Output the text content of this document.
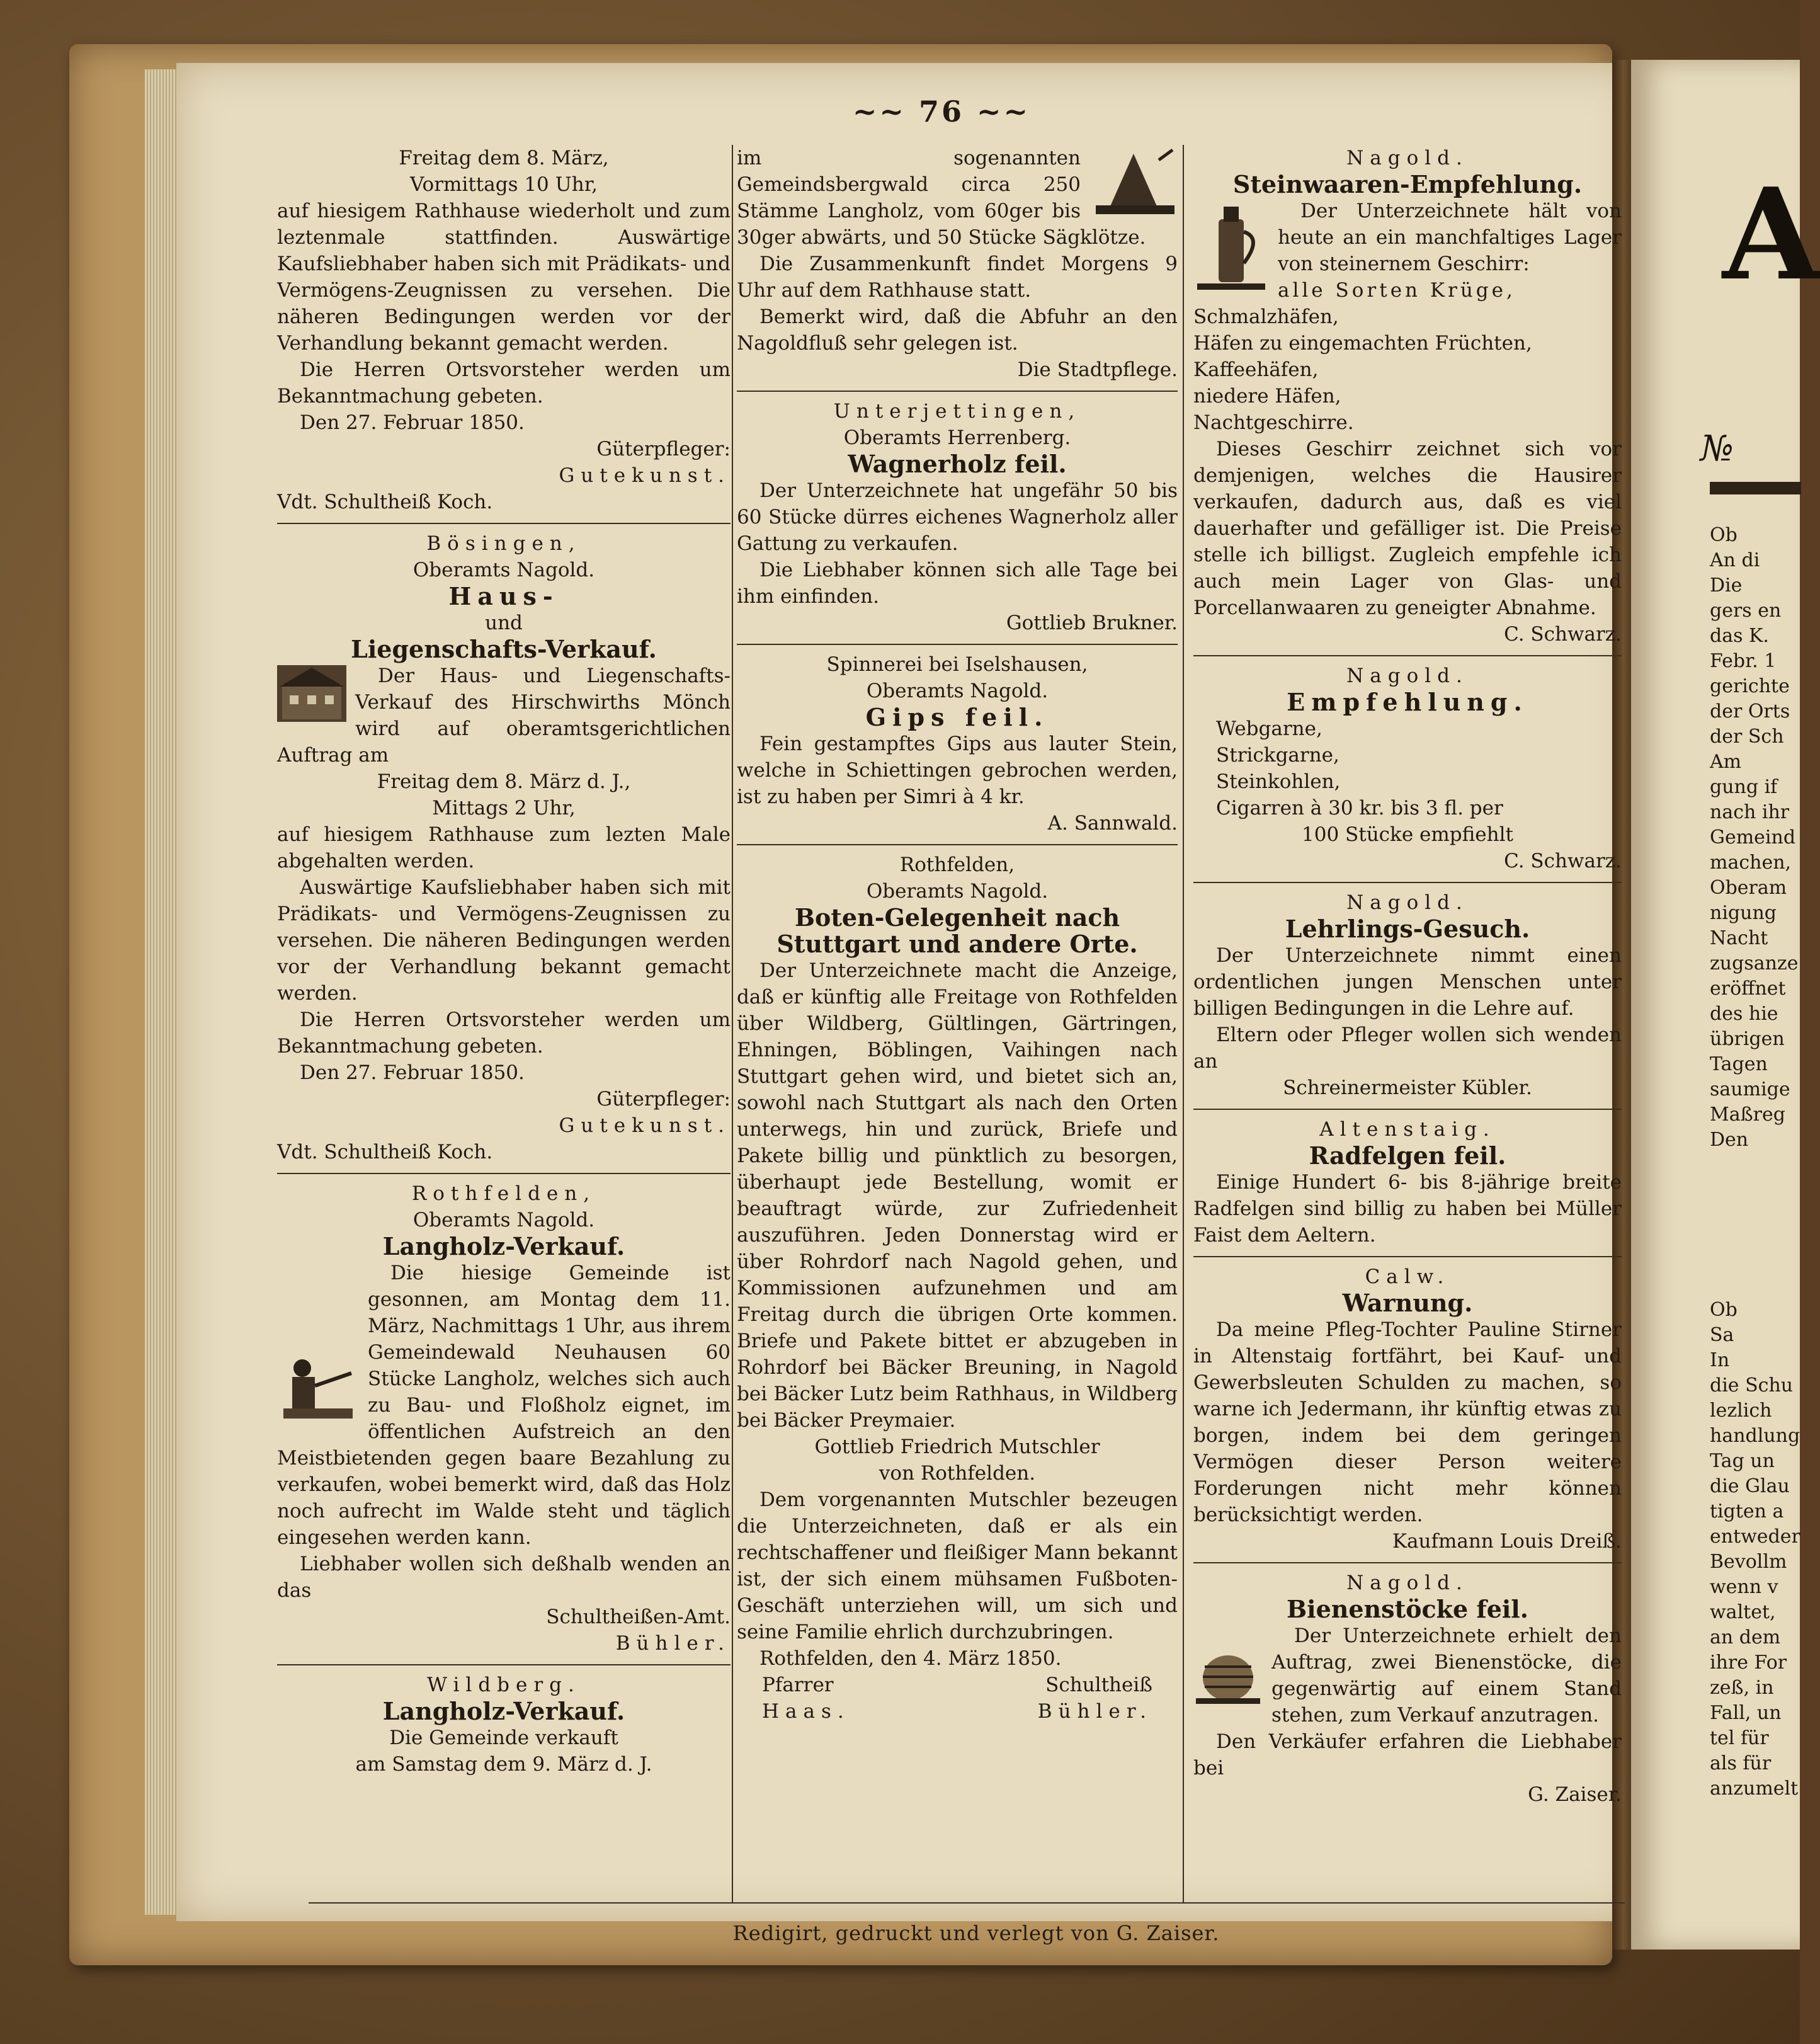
~~ 76 ~~
Freitag dem 8. März,
Vormittags 10 Uhr,
auf hiesigem Rathhause wiederholt und zum leztenmale stattfinden. Auswärtige Kaufsliebhaber haben sich mit Prädikats- und Vermögens-Zeugnissen zu versehen. Die näheren Bedingungen werden vor der Verhandlung bekannt gemacht werden.
Die Herren Ortsvorsteher werden um Bekanntmachung gebeten.
Den 27. Februar 1850.
Güterpfleger:
Gutekunst.
Vdt. Schultheiß Koch.
Bösingen,
Oberamts Nagold.
Haus-
und
Liegenschafts-Verkauf.
Der Haus- und Liegenschafts-Verkauf des Hirschwirths Mönch wird auf oberamtsgerichtlichen Auftrag am
Freitag dem 8. März d. J.,
Mittags 2 Uhr,
auf hiesigem Rathhause zum lezten Male abgehalten werden.
Auswärtige Kaufsliebhaber haben sich mit Prädikats- und Vermögens-Zeugnissen zu versehen. Die näheren Bedingungen werden vor der Verhandlung bekannt gemacht werden.
Die Herren Ortsvorsteher werden um Bekanntmachung gebeten.
Den 27. Februar 1850.
Güterpfleger:
Gutekunst.
Vdt. Schultheiß Koch.
Rothfelden,
Oberamts Nagold.
Langholz-Verkauf.
Die hiesige Gemeinde ist gesonnen, am Montag dem 11. März, Nachmittags 1 Uhr, aus ihrem Gemeindewald Neuhausen 60 Stücke Langholz, welches sich auch zu Bau- und Floßholz eignet, im öffentlichen Aufstreich an den Meistbietenden gegen baare Bezahlung zu verkaufen, wobei bemerkt wird, daß das Holz noch aufrecht im Walde steht und täglich eingesehen werden kann.
Liebhaber wollen sich deßhalb wenden an das
Schultheißen-Amt.
Bühler.
Wildberg.
Langholz-Verkauf.
Die Gemeinde verkauft
am Samstag dem 9. März d. J.
im sogenannten Gemeindsbergwald circa 250 Stämme Langholz, vom 60ger bis 30ger abwärts, und 50 Stücke Sägklötze.
Die Zusammenkunft findet Morgens 9 Uhr auf dem Rathhause statt.
Bemerkt wird, daß die Abfuhr an den Nagoldfluß sehr gelegen ist.
Die Stadtpflege.
Unterjettingen,
Oberamts Herrenberg.
Wagnerholz feil.
Der Unterzeichnete hat ungefähr 50 bis 60 Stücke dürres eichenes Wagnerholz aller Gattung zu verkaufen.
Die Liebhaber können sich alle Tage bei ihm einfinden.
Gottlieb Brukner.
Spinnerei bei Iselshausen,
Oberamts Nagold.
Gips feil.
Fein gestampftes Gips aus lauter Stein, welche in Schiettingen gebrochen werden, ist zu haben per Simri à 4 kr.
A. Sannwald.
Rothfelden,
Oberamts Nagold.
Boten-Gelegenheit nach Stuttgart und andere Orte.
Der Unterzeichnete macht die Anzeige, daß er künftig alle Freitage von Rothfelden über Wildberg, Gültlingen, Gärtringen, Ehningen, Böblingen, Vaihingen nach Stuttgart gehen wird, und bietet sich an, sowohl nach Stuttgart als nach den Orten unterwegs, hin und zurück, Briefe und Pakete billig und pünktlich zu besorgen, überhaupt jede Bestellung, womit er beauftragt würde, zur Zufriedenheit auszuführen. Jeden Donnerstag wird er über Rohrdorf nach Nagold gehen, und Kommissionen aufzunehmen und am Freitag durch die übrigen Orte kommen. Briefe und Pakete bittet er abzugeben in Rohrdorf bei Bäcker Breuning, in Nagold bei Bäcker Lutz beim Rathhaus, in Wildberg bei Bäcker Preymaier.
Gottlieb Friedrich Mutschler
von Rothfelden.
Dem vorgenannten Mutschler bezeugen die Unterzeichneten, daß er als ein rechtschaffener und fleißiger Mann bekannt ist, der sich einem mühsamen Fußboten-Geschäft unterziehen will, um sich und seine Familie ehrlich durchzubringen.
Rothfelden, den 4. März 1850.
Pfarrer	Schultheiß
Haas.	Bühler.
Nagold.
Steinwaaren-Empfehlung.
Der Unterzeichnete hält von heute an ein manchfaltiges Lager von steinernem Geschirr:
alle Sorten Krüge,
Schmalzhäfen,
Häfen zu eingemachten Früchten,
Kaffeehäfen,
niedere Häfen,
Nachtgeschirre.
Dieses Geschirr zeichnet sich vor demjenigen, welches die Hausirer verkaufen, dadurch aus, daß es viel dauerhafter und gefälliger ist. Die Preise stelle ich billigst. Zugleich empfehle ich auch mein Lager von Glas- und Porcellanwaaren zu geneigter Abnahme.
C. Schwarz.
Nagold.
Empfehlung.
Webgarne,
Strickgarne,
Steinkohlen,
Cigarren à 30 kr. bis 3 fl. per
100 Stücke empfiehlt
C. Schwarz.
Nagold.
Lehrlings-Gesuch.
Der Unterzeichnete nimmt einen ordentlichen jungen Menschen unter billigen Bedingungen in die Lehre auf.
Eltern oder Pfleger wollen sich wenden an
Schreinermeister Kübler.
Altenstaig.
Radfelgen feil.
Einige Hundert 6- bis 8-jährige breite Radfelgen sind billig zu haben bei Müller Faist dem Aeltern.
Calw.
Warnung.
Da meine Pfleg-Tochter Pauline Stirner in Altenstaig fortfährt, bei Kauf- und Gewerbsleuten Schulden zu machen, so warne ich Jedermann, ihr künftig etwas zu borgen, indem bei dem geringen Vermögen dieser Person weitere Forderungen nicht mehr können berücksichtigt werden.
Kaufmann Louis Dreiß.
Nagold.
Bienenstöcke feil.
Der Unterzeichnete erhielt den Auftrag, zwei Bienenstöcke, die gegenwärtig auf einem Stand stehen, zum Verkauf anzutragen.
Den Verkäufer erfahren die Liebhaber bei
G. Zaiser.
Redigirt, gedruckt und verlegt von G. Zaiser.
A
№
Ob
An di
Die
gers en
das K.
Febr. 1
gerichte
der Orts
der Sch
Am
gung if
nach ihr
Gemeind
machen,
Oberam
nigung
Nacht
zugsanze
eröffnet
des hie
übrigen
Tagen
saumige
Maßreg
Den
Ob
Sa
In
die Schu
lezlich
handlung
Tag un
die Glau
tigten a
entweder
Bevollm
wenn v
waltet,
an dem
ihre For
zeß, in
Fall, un
tel für
als für
anzumelt
